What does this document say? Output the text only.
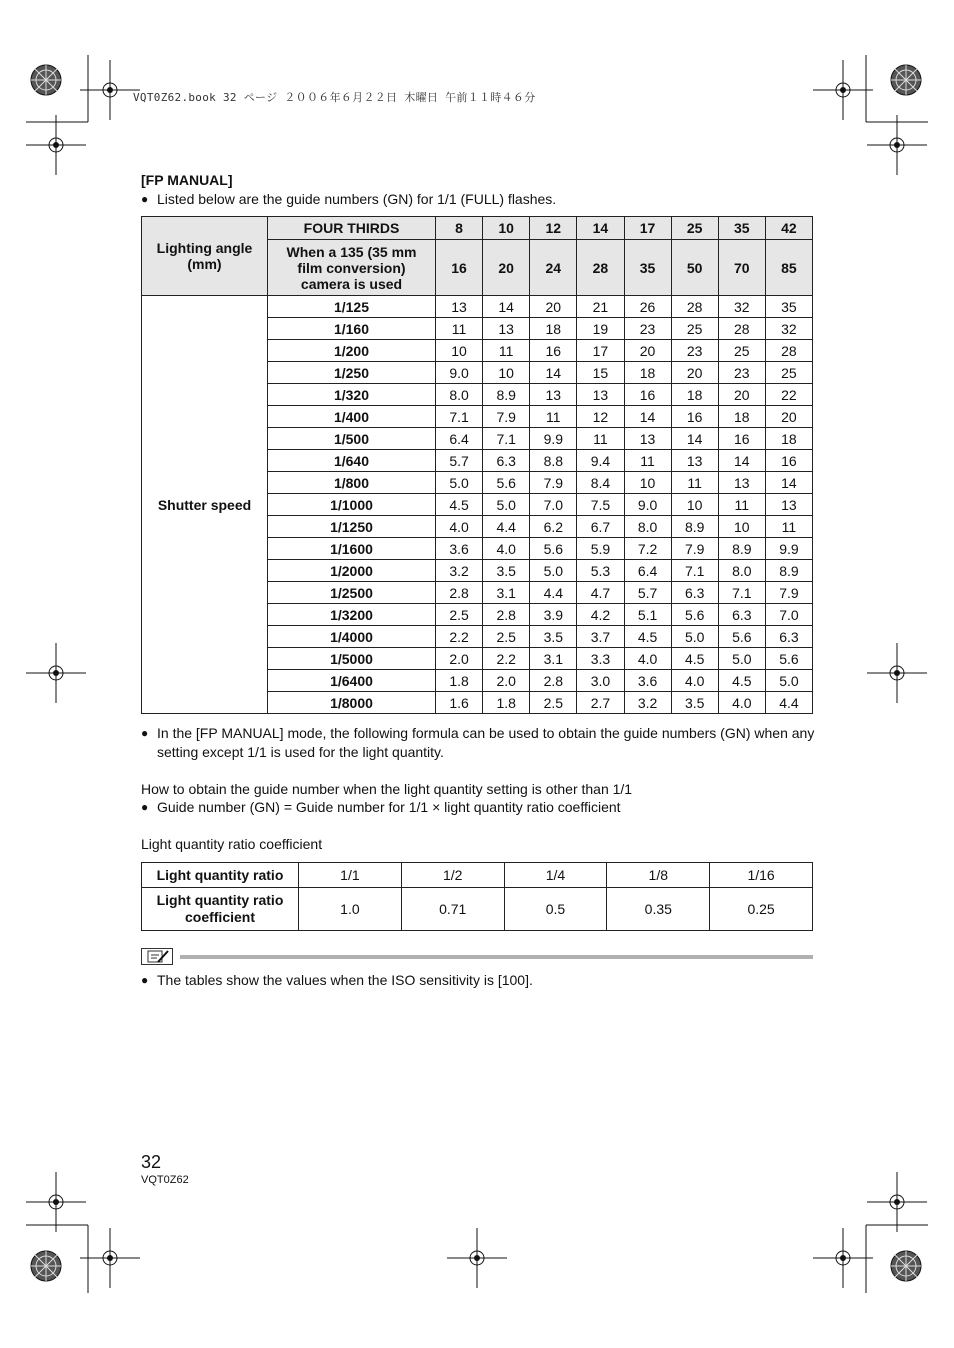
VQT0Z62.book 32 ページ ２００６年６月２２日 木曜日 午前１１時４６分
[FP MANUAL]
● Listed below are the guide numbers (GN) for 1/1 (FULL) flashes.
Lighting angle (mm)	FOUR THIRDS	8	10	12	14	17	25	35	42
	When a 135 (35 mm film conversion) camera is used	16	20	24	28	35	50	70	85
Shutter speed	1/125	13	14	20	21	26	28	32	35
	1/160	11	13	18	19	23	25	28	32
	1/200	10	11	16	17	20	23	25	28
	1/250	9.0	10	14	15	18	20	23	25
	1/320	8.0	8.9	13	13	16	18	20	22
	1/400	7.1	7.9	11	12	14	16	18	20
	1/500	6.4	7.1	9.9	11	13	14	16	18
	1/640	5.7	6.3	8.8	9.4	11	13	14	16
	1/800	5.0	5.6	7.9	8.4	10	11	13	14
	1/1000	4.5	5.0	7.0	7.5	9.0	10	11	13
	1/1250	4.0	4.4	6.2	6.7	8.0	8.9	10	11
	1/1600	3.6	4.0	5.6	5.9	7.2	7.9	8.9	9.9
	1/2000	3.2	3.5	5.0	5.3	6.4	7.1	8.0	8.9
	1/2500	2.8	3.1	4.4	4.7	5.7	6.3	7.1	7.9
	1/3200	2.5	2.8	3.9	4.2	5.1	5.6	6.3	7.0
	1/4000	2.2	2.5	3.5	3.7	4.5	5.0	5.6	6.3
	1/5000	2.0	2.2	3.1	3.3	4.0	4.5	5.0	5.6
	1/6400	1.8	2.0	2.8	3.0	3.6	4.0	4.5	5.0
	1/8000	1.6	1.8	2.5	2.7	3.2	3.5	4.0	4.4
● In the [FP MANUAL] mode, the following formula can be used to obtain the guide numbers (GN) when any setting except 1/1 is used for the light quantity.
How to obtain the guide number when the light quantity setting is other than 1/1
● Guide number (GN) = Guide number for 1/1 × light quantity ratio coefficient
Light quantity ratio coefficient
Light quantity ratio	1/1	1/2	1/4	1/8	1/16
Light quantity ratio coefficient	1.0	0.71	0.5	0.35	0.25
● The tables show the values when the ISO sensitivity is [100].
32
VQT0Z62
